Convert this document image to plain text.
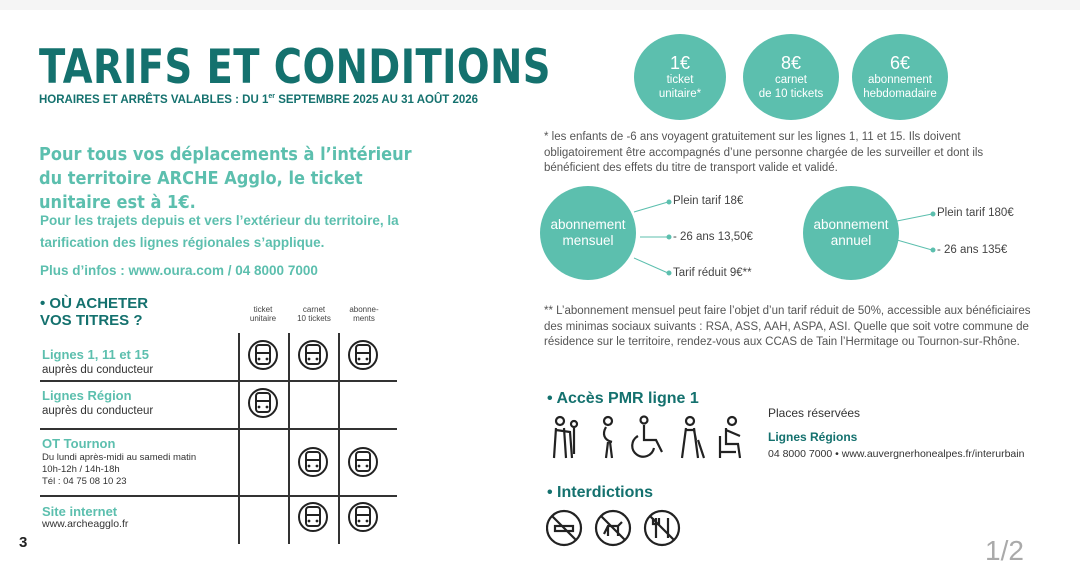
TARIFS ET CONDITIONS
HORAIRES ET ARRÊTS VALABLES : DU 1er SEPTEMBRE 2025 AU 31 AOÛT 2026
Pour tous vos déplacements à l’intérieur du territoire ARCHE Agglo, le ticket unitaire est à 1€.
Pour les trajets depuis et vers l’extérieur du territoire, la tarification des lignes régionales s’applique.
Plus d’infos : www.oura.com / 04 8000 7000
• OÙ ACHETER
VOS TITRES ?
ticket
unitaire
carnet
10 tickets
abonne-
ments
Lignes 1, 11 et 15
auprès du conducteur
Lignes Région
auprès du conducteur
OT Tournon
Du lundi après-midi au samedi matin
10h-12h / 14h-18h
Tél : 04 75 08 10 23
Site internet
www.archeagglo.fr
3
1€
ticket
unitaire*
8€
carnet
de 10 tickets
6€
abonnement
hebdomadaire
* les enfants de -6 ans voyagent gratuitement sur les lignes 1, 11 et 15. Ils doivent obligatoirement être accompagnés d’une personne chargée de les surveiller et dont ils bénéficient des effets du titre de transport valide et validé.
abonnement
mensuel
Plein tarif 18€
- 26 ans 13,50€
Tarif réduit 9€**
abonnement
annuel
Plein tarif 180€
- 26 ans 135€
** L’abonnement mensuel peut faire l’objet d’un tarif réduit de 50%, accessible aux bénéficiaires des minimas sociaux suivants : RSA, ASS, AAH, ASPA, ASI. Quelle que soit votre commune de résidence sur le territoire, rendez-vous aux CCAS de Tain l’Hermitage ou Tournon-sur-Rhône.
• Accès PMR ligne 1
Places réservées
Lignes Régions
04 8000 7000 • www.auvergnerhonealpes.fr/interurbain
• Interdictions
1/2
